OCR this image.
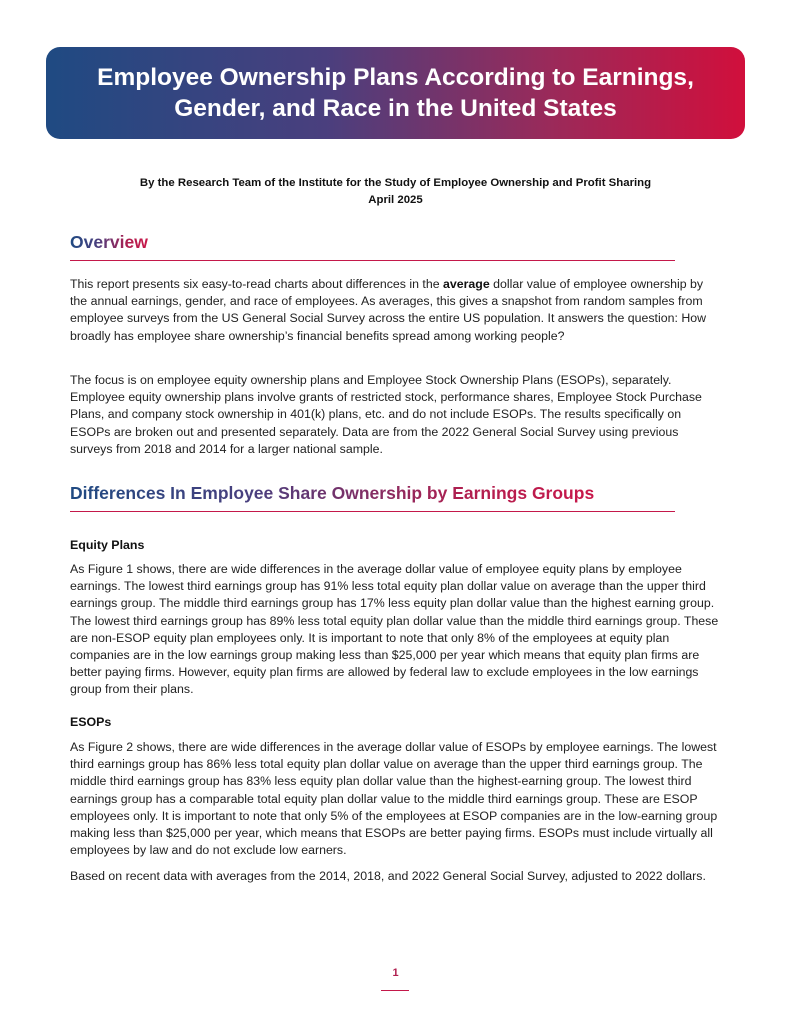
Employee Ownership Plans According to Earnings,
Gender, and Race in the United States
By the Research Team of the Institute for the Study of Employee Ownership and Profit Sharing
April 2025
Overview

This report presents six easy-to-read charts about differences in the average dollar value of employee ownership by the annual earnings, gender, and race of employees. As averages, this gives a snapshot from random samples from employee surveys from the US General Social Survey across the entire US population. It answers the question: How broadly has employee share ownership’s financial benefits spread among working people?

The focus is on employee equity ownership plans and Employee Stock Ownership Plans (ESOPs), separately. Employee equity ownership plans involve grants of restricted stock, performance shares, Employee Stock Purchase Plans, and company stock ownership in 401(k) plans, etc. and do not include ESOPs. The results specifically on ESOPs are broken out and presented separately. Data are from the 2022 General Social Survey using previous surveys from 2018 and 2014 for a larger national sample.

Differences In Employee Share Ownership by Earnings Groups
Equity Plans

As Figure 1 shows, there are wide differences in the average dollar value of employee equity plans by employee earnings. The lowest third earnings group has 91% less total equity plan dollar value on average than the upper third earnings group. The middle third earnings group has 17% less equity plan dollar value than the highest earning group. The lowest third earnings group has 89% less total equity plan dollar value than the middle third earnings group. These are non-ESOP equity plan employees only. It is important to note that only 8% of the employees at equity plan companies are in the low earnings group making less than $25,000 per year which means that equity plan firms are better paying firms. However, equity plan firms are allowed by federal law to exclude employees in the low earnings group from their plans.

ESOPs

As Figure 2 shows, there are wide differences in the average dollar value of ESOPs by employee earnings. The lowest third earnings group has 86% less total equity plan dollar value on average than the upper third earnings group. The middle third earnings group has 83% less equity plan dollar value than the highest-earning group. The lowest third earnings group has a comparable total equity plan dollar value to the middle third earnings group. These are ESOP employees only. It is important to note that only 5% of the employees at ESOP companies are in the low-earning group making less than $25,000 per year, which means that ESOPs are better paying firms. ESOPs must include virtually all employees by law and do not exclude low earners.

Based on recent data with averages from the 2014, 2018, and 2022 General Social Survey, adjusted to 2022 dollars.

1
